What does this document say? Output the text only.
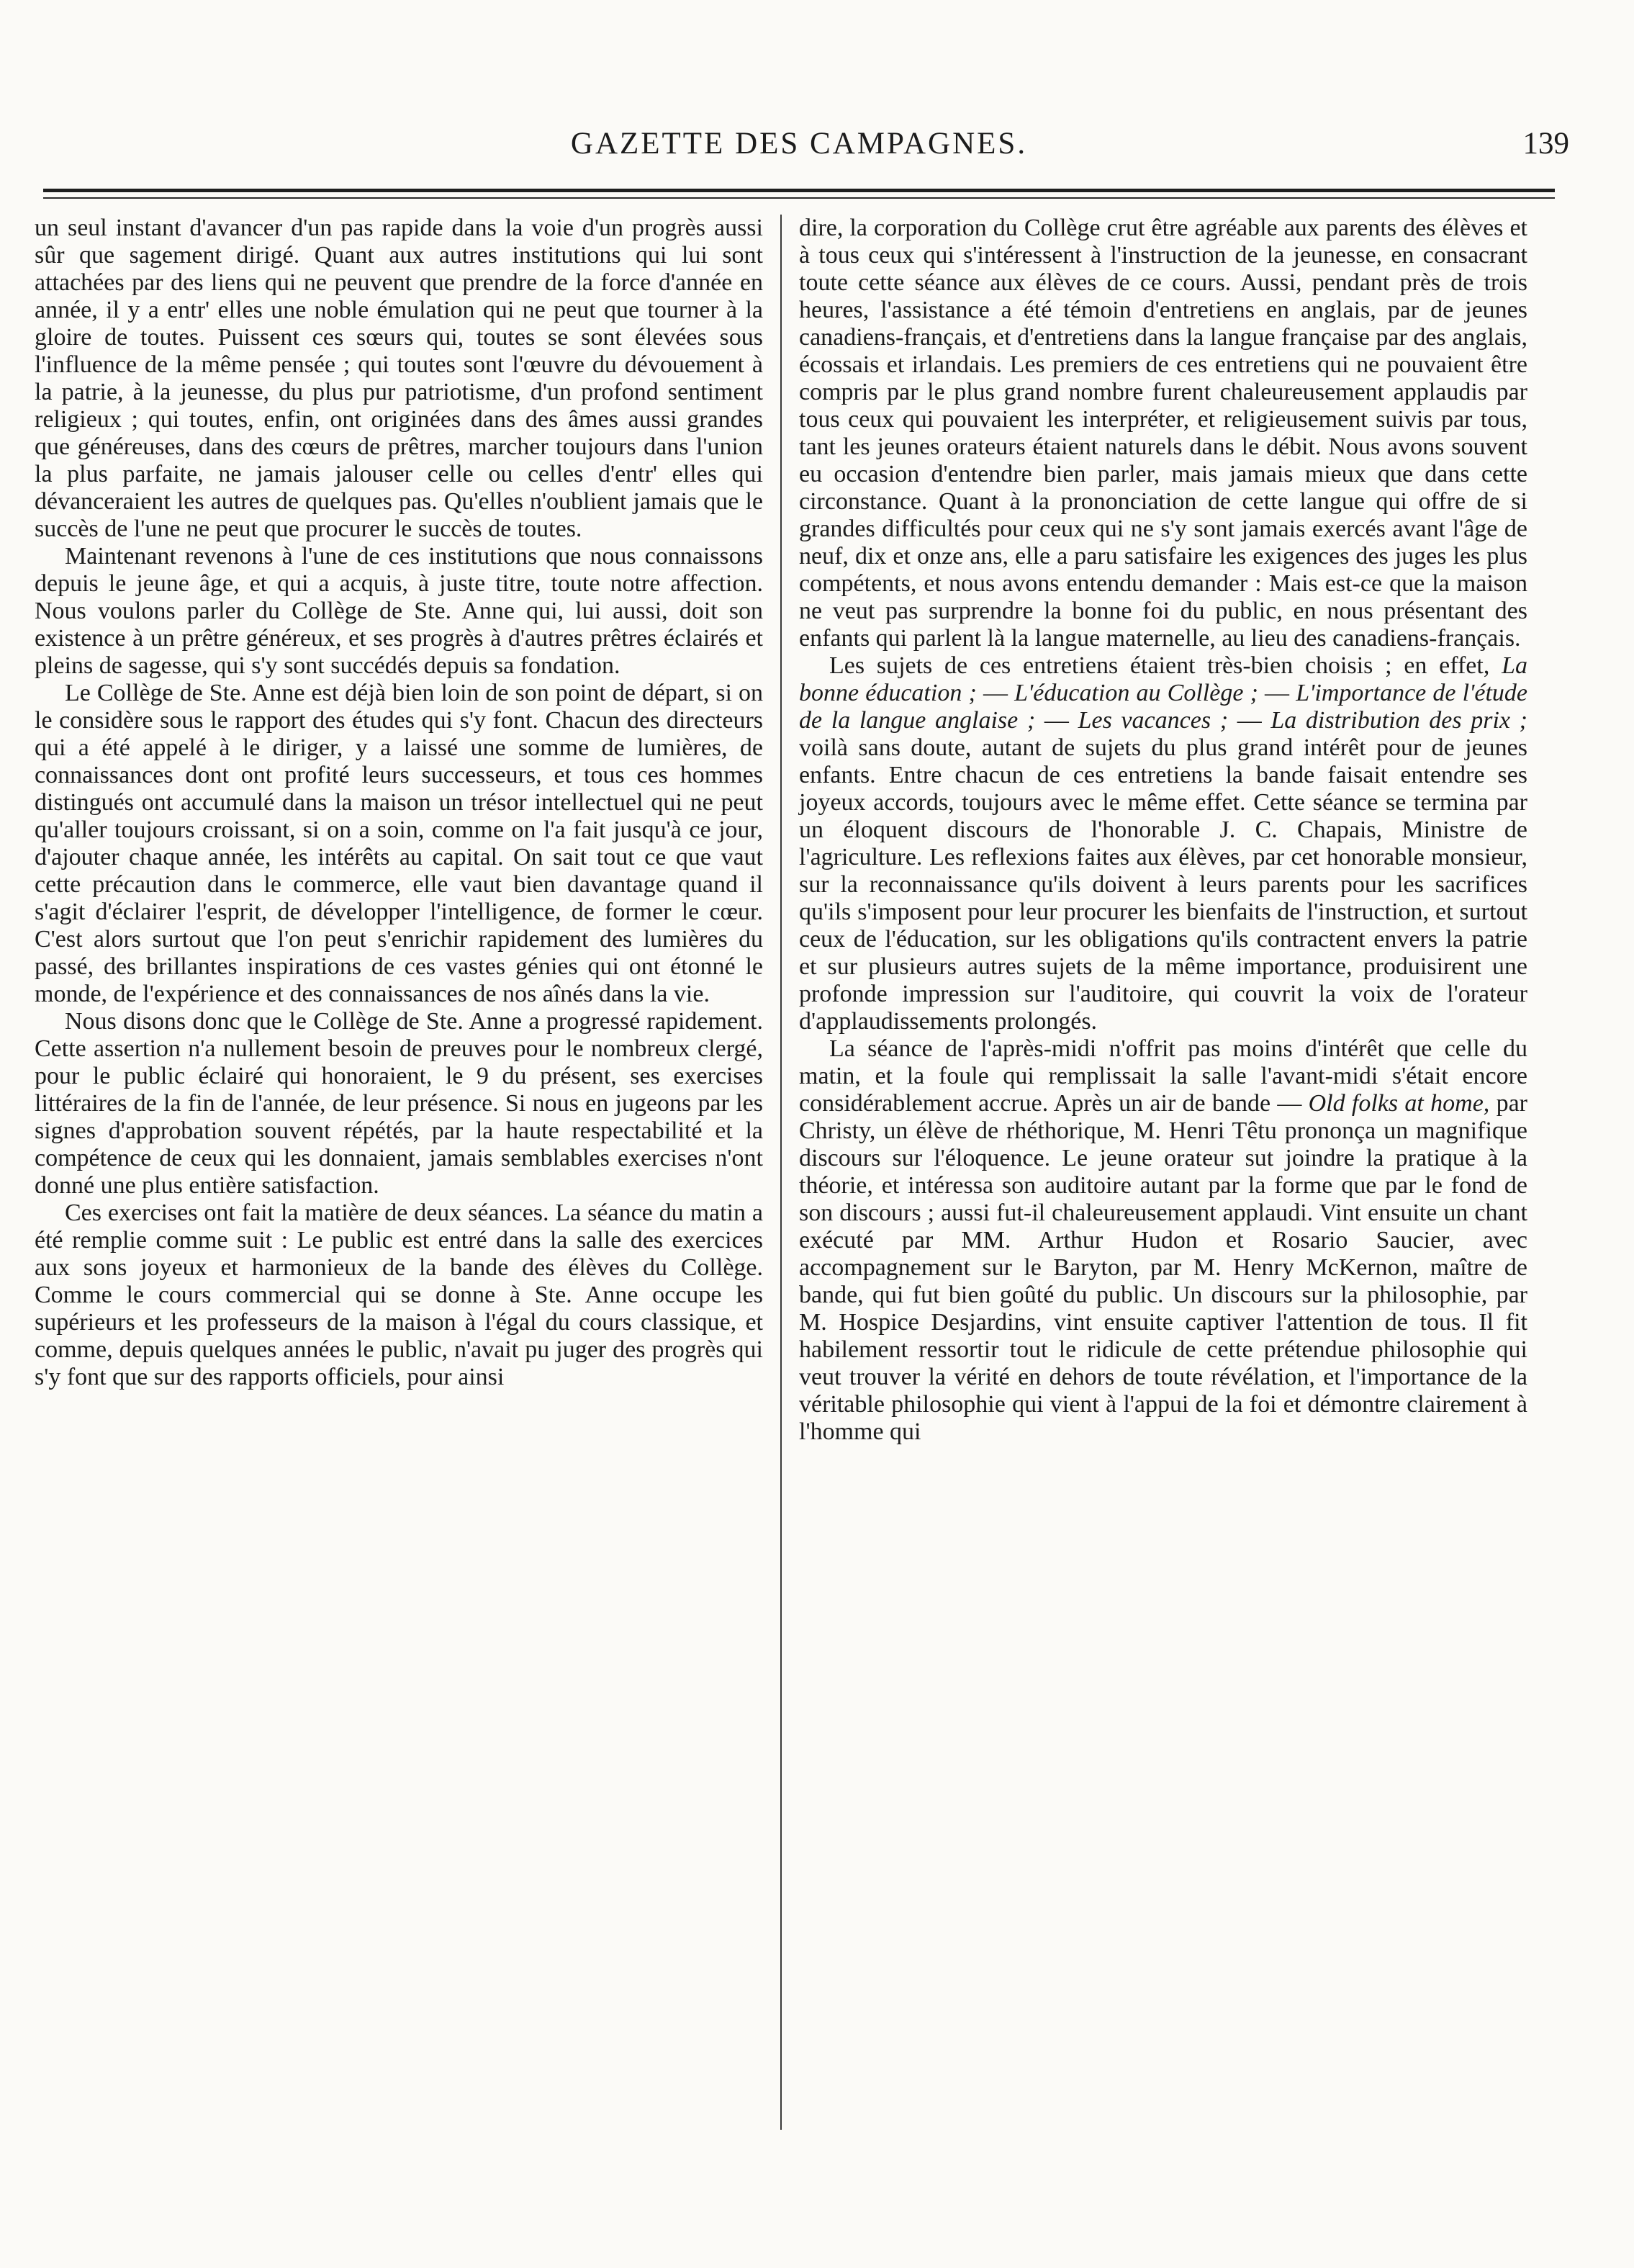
GAZETTE DES CAMPAGNES.	139

un seul instant d'avancer d'un pas rapide dans la voie d'un progrès aussi sûr que sagement dirigé. Quant aux autres institutions qui lui sont attachées par des liens qui ne peuvent que prendre de la force d'année en année, il y a entr' elles une noble émulation qui ne peut que tourner à la gloire de toutes. Puissent ces sœurs qui, toutes se sont élevées sous l'influence de la même pensée ; qui toutes sont l'œuvre du dévouement à la patrie, à la jeunesse, du plus pur patriotisme, d'un profond sentiment religieux ; qui toutes, enfin, ont originées dans des âmes aussi grandes que généreuses, dans des cœurs de prêtres, marcher toujours dans l'union la plus parfaite, ne jamais jalouser celle ou celles d'entr' elles qui dévanceraient les autres de quelques pas. Qu'elles n'oublient jamais que le succès de l'une ne peut que procurer le succès de toutes.

Maintenant revenons à l'une de ces institutions que nous connaissons depuis le jeune âge, et qui a acquis, à juste titre, toute notre affection. Nous voulons parler du Collège de Ste. Anne qui, lui aussi, doit son existence à un prêtre généreux, et ses progrès à d'autres prêtres éclairés et pleins de sagesse, qui s'y sont succédés depuis sa fondation.

Le Collège de Ste. Anne est déjà bien loin de son point de départ, si on le considère sous le rapport des études qui s'y font. Chacun des directeurs qui a été appelé à le diriger, y a laissé une somme de lumières, de connaissances dont ont profité leurs successeurs, et tous ces hommes distingués ont accumulé dans la maison un trésor intellectuel qui ne peut qu'aller toujours croissant, si on a soin, comme on l'a fait jusqu'à ce jour, d'ajouter chaque année, les intérêts au capital. On sait tout ce que vaut cette précaution dans le commerce, elle vaut bien davantage quand il s'agit d'éclairer l'esprit, de développer l'intelligence, de former le cœur. C'est alors surtout que l'on peut s'enrichir rapidement des lumières du passé, des brillantes inspirations de ces vastes génies qui ont étonné le monde, de l'expérience et des connaissances de nos aînés dans la vie.

Nous disons donc que le Collège de Ste. Anne a progressé rapidement. Cette assertion n'a nullement besoin de preuves pour le nombreux clergé, pour le public éclairé qui honoraient, le 9 du présent, ses exercises littéraires de la fin de l'année, de leur présence. Si nous en jugeons par les signes d'approbation souvent répétés, par la haute respectabilité et la compétence de ceux qui les donnaient, jamais semblables exercises n'ont donné une plus entière satisfaction.

Ces exercises ont fait la matière de deux séances. La séance du matin a été remplie comme suit : Le public est entré dans la salle des exercices aux sons joyeux et harmonieux de la bande des élèves du Collège. Comme le cours commercial qui se donne à Ste. Anne occupe les supérieurs et les professeurs de la maison à l'égal du cours classique, et comme, depuis quelques années le public, n'avait pu juger des progrès qui s'y font que sur des rapports officiels, pour ainsi

dire, la corporation du Collège crut être agréable aux parents des élèves et à tous ceux qui s'intéressent à l'instruction de la jeunesse, en consacrant toute cette séance aux élèves de ce cours. Aussi, pendant près de trois heures, l'assistance a été témoin d'entretiens en anglais, par de jeunes canadiens-français, et d'entretiens dans la langue française par des anglais, écossais et irlandais. Les premiers de ces entretiens qui ne pouvaient être compris par le plus grand nombre furent chaleureusement applaudis par tous ceux qui pouvaient les interpréter, et religieusement suivis par tous, tant les jeunes orateurs étaient naturels dans le débit. Nous avons souvent eu occasion d'entendre bien parler, mais jamais mieux que dans cette circonstance. Quant à la prononciation de cette langue qui offre de si grandes difficultés pour ceux qui ne s'y sont jamais exercés avant l'âge de neuf, dix et onze ans, elle a paru satisfaire les exigences des juges les plus compétents, et nous avons entendu demander : Mais est-ce que la maison ne veut pas surprendre la bonne foi du public, en nous présentant des enfants qui parlent là la langue maternelle, au lieu des canadiens-français.

Les sujets de ces entretiens étaient très-bien choisis ; en effet, La bonne éducation ; — L'éducation au Collège ; — L'importance de l'étude de la langue anglaise ; — Les vacances ; — La distribution des prix ; voilà sans doute, autant de sujets du plus grand intérêt pour de jeunes enfants. Entre chacun de ces entretiens la bande faisait entendre ses joyeux accords, toujours avec le même effet. Cette séance se termina par un éloquent discours de l'honorable J. C. Chapais, Ministre de l'agriculture. Les reflexions faites aux élèves, par cet honorable monsieur, sur la reconnaissance qu'ils doivent à leurs parents pour les sacrifices qu'ils s'imposent pour leur procurer les bienfaits de l'instruction, et surtout ceux de l'éducation, sur les obligations qu'ils contractent envers la patrie et sur plusieurs autres sujets de la même importance, produisirent une profonde impression sur l'auditoire, qui couvrit la voix de l'orateur d'applaudissements prolongés.

La séance de l'après-midi n'offrit pas moins d'intérêt que celle du matin, et la foule qui remplissait la salle l'avant-midi s'était encore considérablement accrue. Après un air de bande — Old folks at home, par Christy, un élève de rhéthorique, M. Henri Têtu prononça un magnifique discours sur l'éloquence. Le jeune orateur sut joindre la pratique à la théorie, et intéressa son auditoire autant par la forme que par le fond de son discours ; aussi fut-il chaleureusement applaudi. Vint ensuite un chant exécuté par MM. Arthur Hudon et Rosario Saucier, avec accompagnement sur le Baryton, par M. Henry McKernon, maître de bande, qui fut bien goûté du public. Un discours sur la philosophie, par M. Hospice Desjardins, vint ensuite captiver l'attention de tous. Il fit habilement ressortir tout le ridicule de cette prétendue philosophie qui veut trouver la vérité en dehors de toute révélation, et l'importance de la véritable philosophie qui vient à l'appui de la foi et démontre clairement à l'homme qui
